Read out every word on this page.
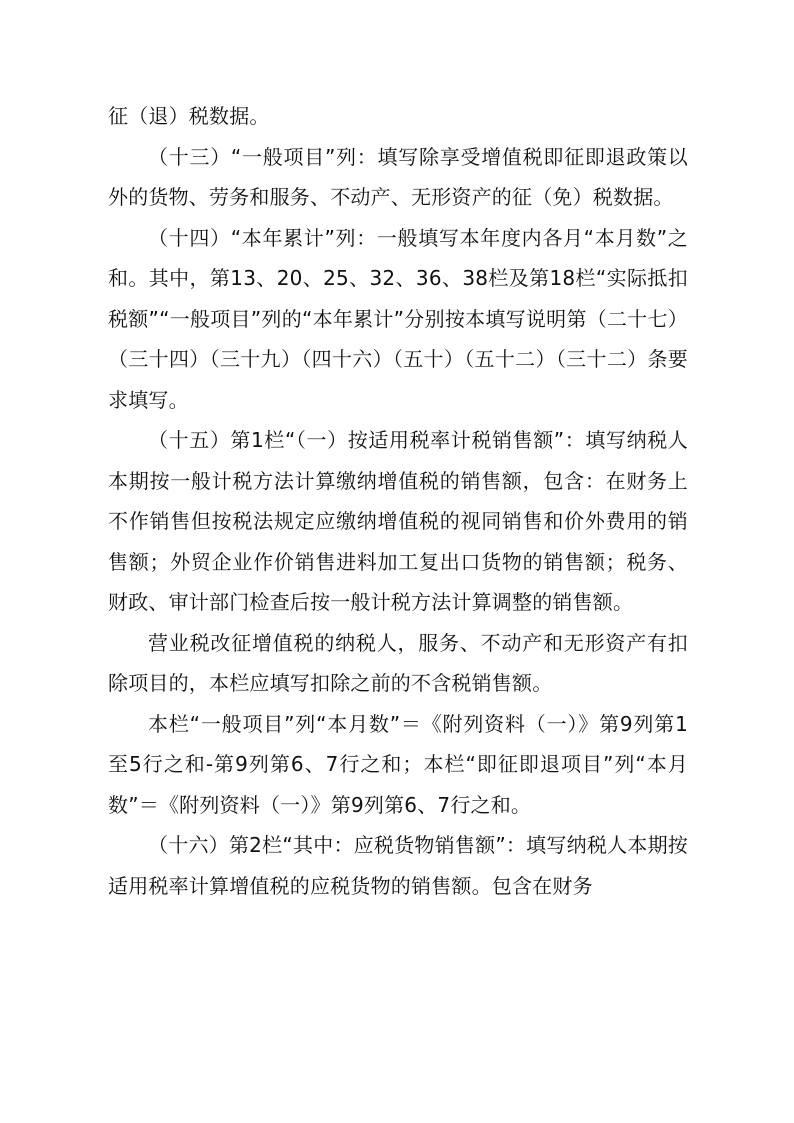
征（退）税数据。

（十三）“一般项目”列：填写除享受增值税即征即退政策以外的货物、劳务和服务、不动产、无形资产的征（免）税数据。

（十四）“本年累计”列：一般填写本年度内各月“本月数”之和。其中，第13、20、25、32、36、38栏及第18栏“实际抵扣税额”“一般项目”列的“本年累计”分别按本填写说明第（二十七）（三十四）（三十九）（四十六）（五十）（五十二）（三十二）条要求填写。

（十五）第1栏“（一）按适用税率计税销售额”：填写纳税人本期按一般计税方法计算缴纳增值税的销售额，包含：在财务上不作销售但按税法规定应缴纳增值税的视同销售和价外费用的销售额；外贸企业作价销售进料加工复出口货物的销售额；税务、财政、审计部门检查后按一般计税方法计算调整的销售额。

营业税改征增值税的纳税人，服务、不动产和无形资产有扣除项目的，本栏应填写扣除之前的不含税销售额。

本栏“一般项目”列“本月数”＝《附列资料（一）》第9列第1至5行之和-第9列第6、7行之和；本栏“即征即退项目”列“本月数”＝《附列资料（一）》第9列第6、7行之和。

（十六）第2栏“其中：应税货物销售额”：填写纳税人本期按适用税率计算增值税的应税货物的销售额。包含在财务
